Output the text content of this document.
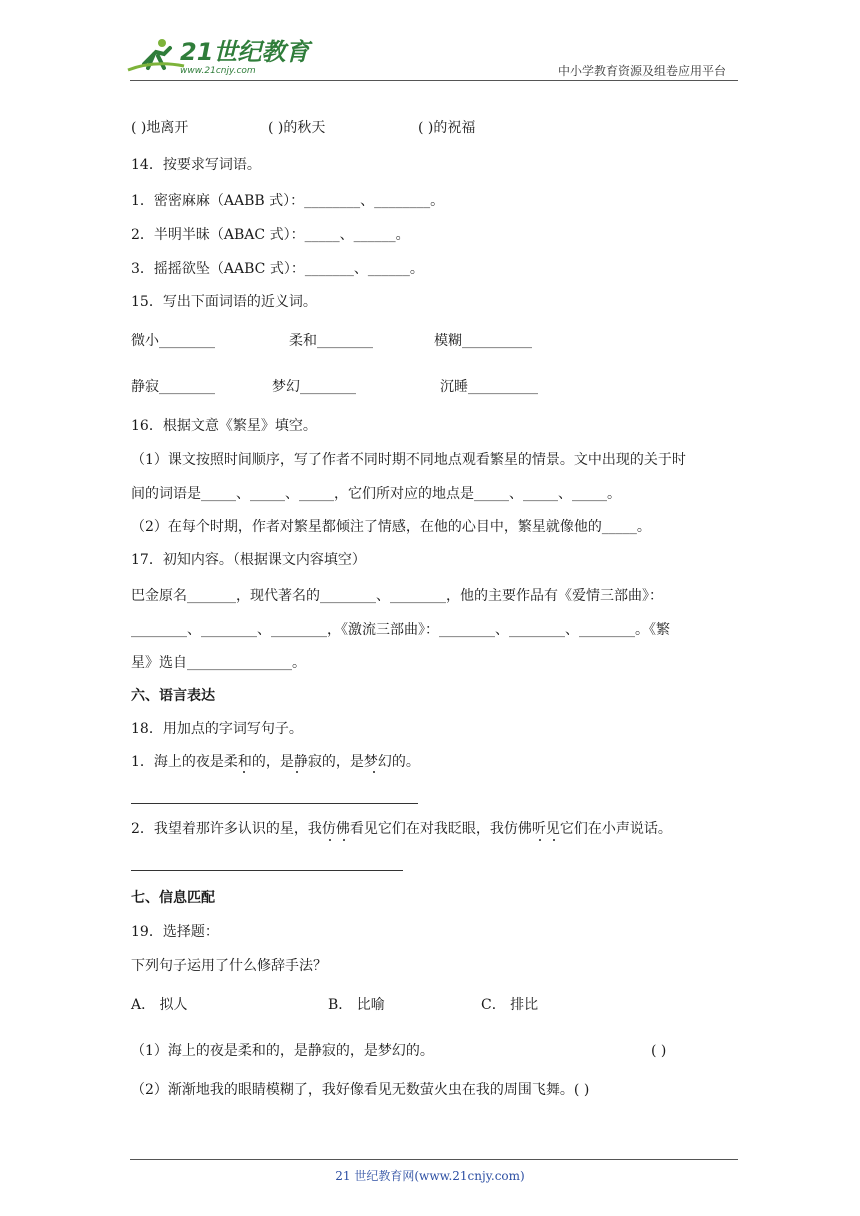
21世纪教育
www.21cnjy.com	中小学教育资源及组卷应用平台
( )地离开	( )的秋天	( )的祝福
14．按要求写词语。
1．密密麻麻（AABB 式）：________、________。
2．半明半昧（ABAC 式）：_____、______。
3．摇摇欲坠（AABC 式）：_______、______。
15．写出下面词语的近义词。
微小________	柔和________	模糊__________
静寂________	梦幻________	沉睡__________
16．根据文意《繁星》填空。
（1）课文按照时间顺序，写了作者不同时期不同地点观看繁星的情景。文中出现的关于时
间的词语是_____、_____、_____，它们所对应的地点是_____、_____、_____。
（2）在每个时期，作者对繁星都倾注了情感，在他的心目中，繁星就像他的_____。
17．初知内容。（根据课文内容填空）
巴金原名_______，现代著名的________、________，他的主要作品有《爱情三部曲》：
________、________、________，《激流三部曲》：________、________、________。《繁
星》选自_______________。
六、语言表达
18．用加点的字词写句子。
1．海上的夜是柔和的，是静寂的，是梦幻的。
2．我望着那许多认识的星，我仿佛看见它们在对我眨眼，我仿佛听见它们在小声说话。
七、信息匹配
19．选择题：
下列句子运用了什么修辞手法？
A． 拟人	B． 比喻	C． 排比
（1）海上的夜是柔和的，是静寂的，是梦幻的。	( )
（2）渐渐地我的眼睛模糊了，我好像看见无数萤火虫在我的周围飞舞。( )
21 世纪教育网(www.21cnjy.com)
